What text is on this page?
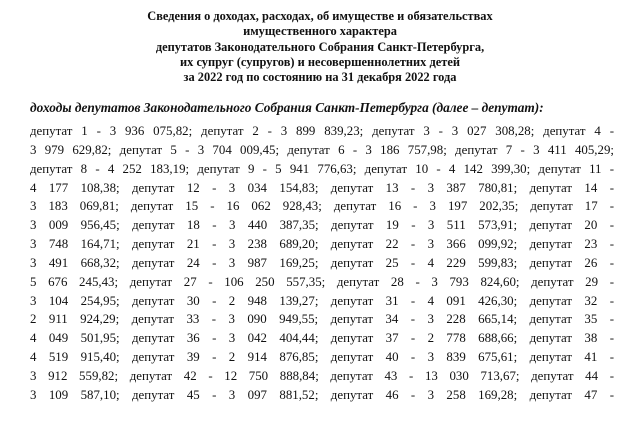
Сведения о доходах, расходах, об имуществе и обязательствах
имущественного характера
депутатов Законодательного Собрания Санкт-Петербурга,
их супруг (супругов) и несовершеннолетних детей
за 2022 год по состоянию на 31 декабря 2022 года
доходы депутатов Законодательного Собрания Санкт-Петербурга (далее – депутат):
депутат 1 - 3 936 075,82; депутат 2 - 3 899 839,23; депутат 3 - 3 027 308,28; депутат 4 -
3 979 629,82; депутат 5 - 3 704 009,45; депутат 6 - 3 186 757,98; депутат 7 - 3 411 405,29;
депутат 8 - 4 252 183,19; депутат 9 - 5 941 776,63; депутат 10 - 4 142 399,30; депутат 11 -
4 177 108,38; депутат 12 - 3 034 154,83; депутат 13 - 3 387 780,81; депутат 14 -
3 183 069,81; депутат 15 - 16 062 928,43; депутат 16 - 3 197 202,35; депутат 17 -
3 009 956,45; депутат 18 - 3 440 387,35; депутат 19 - 3 511 573,91; депутат 20 -
3 748 164,71; депутат 21 - 3 238 689,20; депутат 22 - 3 366 099,92; депутат 23 -
3 491 668,32; депутат 24 - 3 987 169,25; депутат 25 - 4 229 599,83; депутат 26 -
5 676 245,43; депутат 27 - 106 250 557,35; депутат 28 - 3 793 824,60; депутат 29 -
3 104 254,95; депутат 30 - 2 948 139,27; депутат 31 - 4 091 426,30; депутат 32 -
2 911 924,29; депутат 33 - 3 090 949,55; депутат 34 - 3 228 665,14; депутат 35 -
4 049 501,95; депутат 36 - 3 042 404,44; депутат 37 - 2 778 688,66; депутат 38 -
4 519 915,40; депутат 39 - 2 914 876,85; депутат 40 - 3 839 675,61; депутат 41 -
3 912 559,82; депутат 42 - 12 750 888,84; депутат 43 - 13 030 713,67; депутат 44 -
3 109 587,10; депутат 45 - 3 097 881,52; депутат 46 - 3 258 169,28; депутат 47 -
